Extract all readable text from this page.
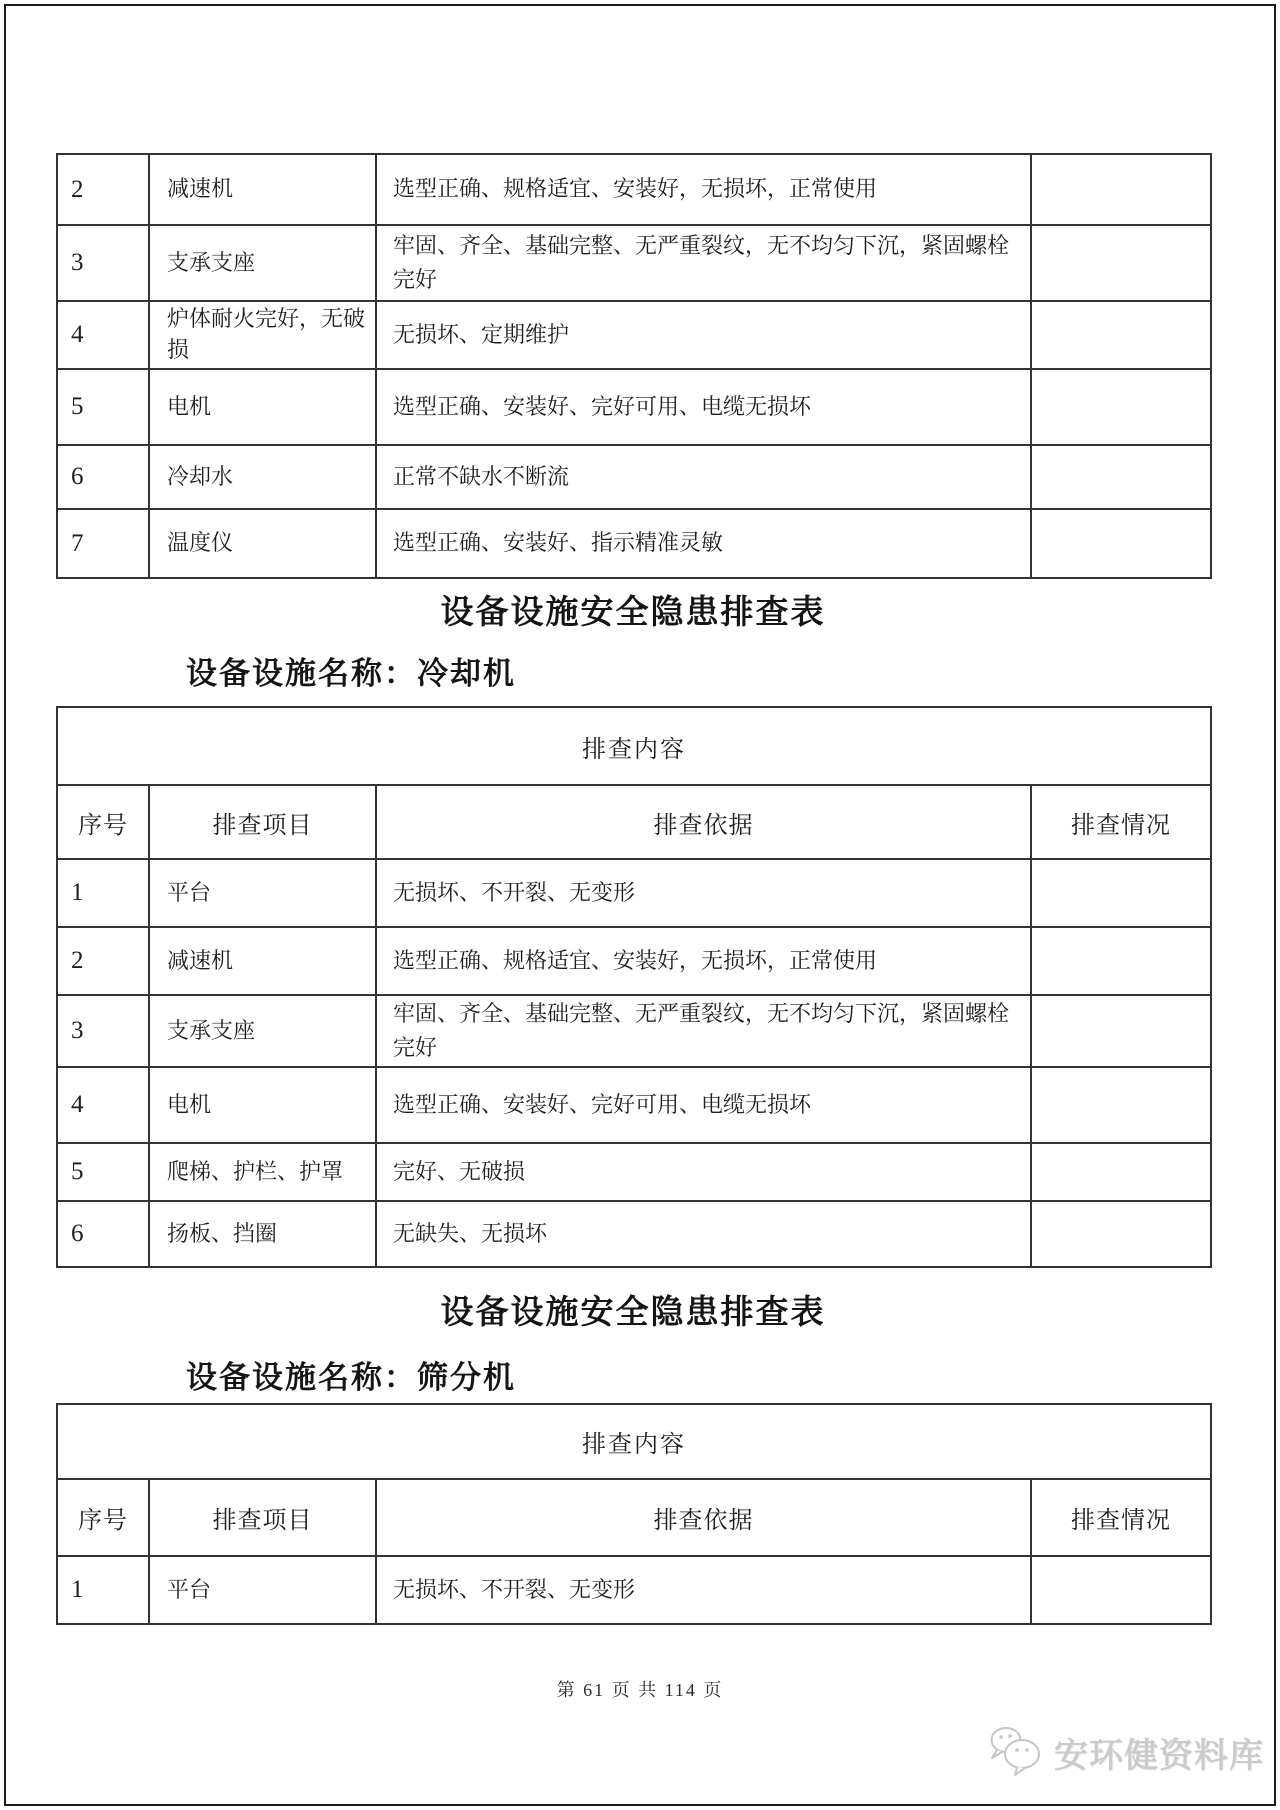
2	减速机	选型正确、规格适宜、安装好，无损坏，正常使用	
3	支承支座	牢固、齐全、基础完整、无严重裂纹，无不均匀下沉，紧固螺栓完好	
4	炉体耐火完好，无破损	无损坏、定期维护	
5	电机	选型正确、安装好、完好可用、电缆无损坏	
6	冷却水	正常不缺水不断流	
7	温度仪	选型正确、安装好、指示精准灵敏	
设备设施安全隐患排查表
设备设施名称：冷却机
排查内容			
序号	排查项目	排查依据	排查情况
1	平台	无损坏、不开裂、无变形	
2	减速机	选型正确、规格适宜、安装好，无损坏，正常使用	
3	支承支座	牢固、齐全、基础完整、无严重裂纹，无不均匀下沉，紧固螺栓完好	
4	电机	选型正确、安装好、完好可用、电缆无损坏	
5	爬梯、护栏、护罩	完好、无破损	
6	扬板、挡圈	无缺失、无损坏	
设备设施安全隐患排查表
设备设施名称：筛分机
排查内容			
序号	排查项目	排查依据	排查情况
1	平台	无损坏、不开裂、无变形	
第 61 页 共 114 页
安环健资料库
